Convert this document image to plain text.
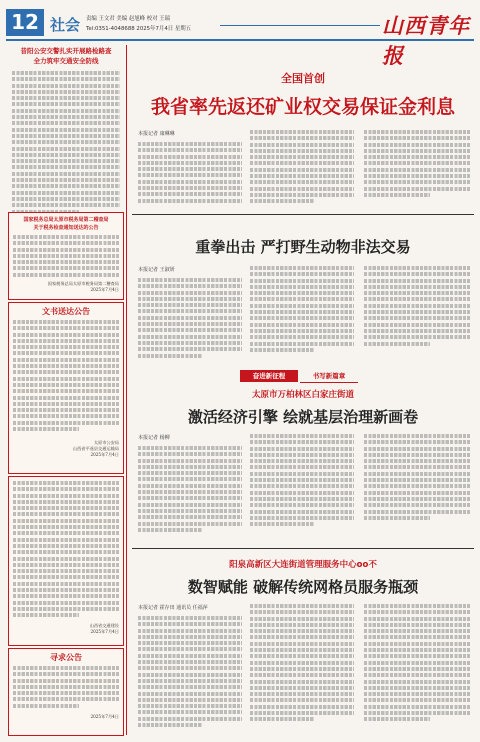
12 社会 责编 王文君 美编 赵旭峰 校对 王瑞
Tel:0351-4048688 2025年7月4日 星期五	山西青年报
昔阳公安交警扎实开展路检路查
全力筑牢交通安全防线
国家税务总局太原市税务局第二稽查局
关于税务检查通知送达的公告
国家税务总局太原市税务局第二稽查局
2025年7月4日
文书送达公告
太原市公安局
山西省平遥县交通运输局
2025年7月4日
山西省交通建设
2025年7月4日
寻求公告
2025年7月4日
全国首创
我省率先返还矿业权交易保证金利息
本报记者 康琳琳
重拳出击 严打野生动物非法交易
本报记者 王淑妍
奋进新征程	书写新篇章
太原市万柏林区白家庄街道
激活经济引擎 绘就基层治理新画卷
本报记者 杨柳
阳泉高新区大连街道管理服务中心oo不
数智赋能 破解传统网格员服务瓶颈
本报记者 霍存田 通讯员 任福萍
